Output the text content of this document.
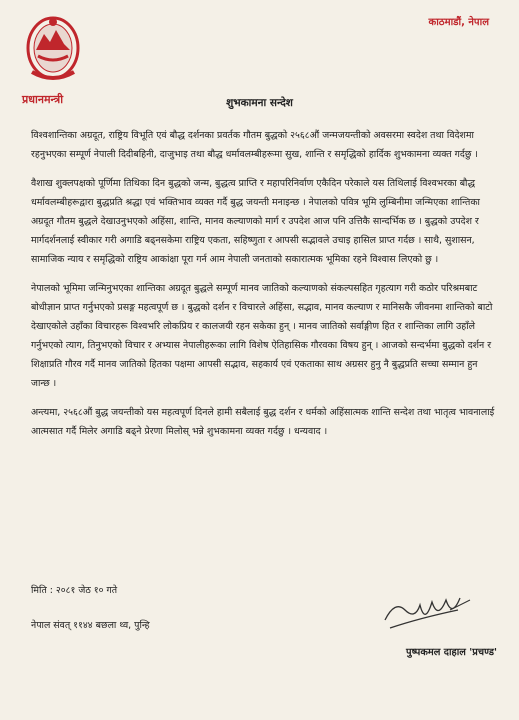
प्रधानमन्त्री
काठमाडौं, नेपाल
शुभकामना सन्देश

विश्वशान्तिका अग्रदूत, राष्ट्रिय विभूति एवं बौद्ध दर्शनका प्रवर्तक गौतम बुद्धको २५६८औं जन्मजयन्तीको अवसरमा स्वदेश तथा विदेशमा रहनुभएका सम्पूर्ण नेपाली दिदीबहिनी, दाजुभाइ तथा बौद्ध धर्मावलम्बीहरूमा सुख, शान्ति र समृद्धिको हार्दिक शुभकामना व्यक्त गर्दछु ।

वैशाख शुक्लपक्षको पूर्णिमा तिथिका दिन बुद्धको जन्म, बुद्धत्व प्राप्ति र महापरिनिर्वाण एकैदिन परेकाले यस तिथिलाई विश्वभरका बौद्ध धर्मावलम्बीहरूद्वारा बुद्धप्रति श्रद्धा एवं भक्तिभाव व्यक्त गर्दै बुद्ध जयन्ती मनाइन्छ । नेपालको पवित्र भूमि लुम्बिनीमा जन्मिएका शान्तिका अग्रदूत गौतम बुद्धले देखाउनुभएको अहिंसा, शान्ति, मानव कल्याणको मार्ग र उपदेश आज पनि उत्तिकै सान्दर्भिक छ । बुद्धको उपदेश र मार्गदर्शनलाई स्वीकार गरी अगाडि बढ्नसकेमा राष्ट्रिय एकता, सहिष्णुता र आपसी सद्भावले उचाइ हासिल प्राप्त गर्दछ । साथै, सुशासन, सामाजिक न्याय र समृद्धिको राष्ट्रिय आकांक्षा पूरा गर्न आम नेपाली जनताको सकारात्मक भूमिका रहने विश्वास लिएको छु ।

नेपालको भूमिमा जन्मिनुभएका शान्तिका अग्रदूत बुद्धले सम्पूर्ण मानव जातिको कल्याणको संकल्पसहित गृहत्याग गरी कठोर परिश्रमबाट बोधीज्ञान प्राप्त गर्नुभएको प्रसङ्ग महत्वपूर्ण छ । बुद्धको दर्शन र विचारले अहिंसा, सद्भाव, मानव कल्याण र मानिसकै जीवनमा शान्तिको बाटो देखाएकोले उहाँका विचारहरू विश्वभरि लोकप्रिय र कालजयी रहन सकेका हुन् । मानव जातिको सर्वाङ्गीण हित र शान्तिका लागि उहाँले गर्नुभएको त्याग, तिनुभएको विचार र अभ्यास नेपालीहरूका लागि विशेष ऐतिहासिक गौरवका विषय हुन् । आजको सन्दर्भमा बुद्धको दर्शन र शिक्षाप्रति गौरव गर्दै मानव जातिको हितका पक्षमा आपसी सद्भाव, सहकार्य एवं एकताका साथ अग्रसर हुनु नै बुद्धप्रति सच्चा सम्मान हुन जान्छ ।

अन्त्यमा, २५६८औं बुद्ध जयन्तीको यस महत्वपूर्ण दिनले हामी सबैलाई बुद्ध दर्शन र धर्मको अहिंसात्मक शान्ति सन्देश तथा भातृत्व भावनालाई आत्मसात गर्दै मिलेर अगाडि बढ्ने प्रेरणा मिलोस् भन्ने शुभकामना व्यक्त गर्दछु । धन्यवाद ।

मिति : २०८१ जेठ १० गते
नेपाल संवत् ११४४ बछला थ्व, पुन्हि
पुष्पकमल दाहाल 'प्रचण्ड'
